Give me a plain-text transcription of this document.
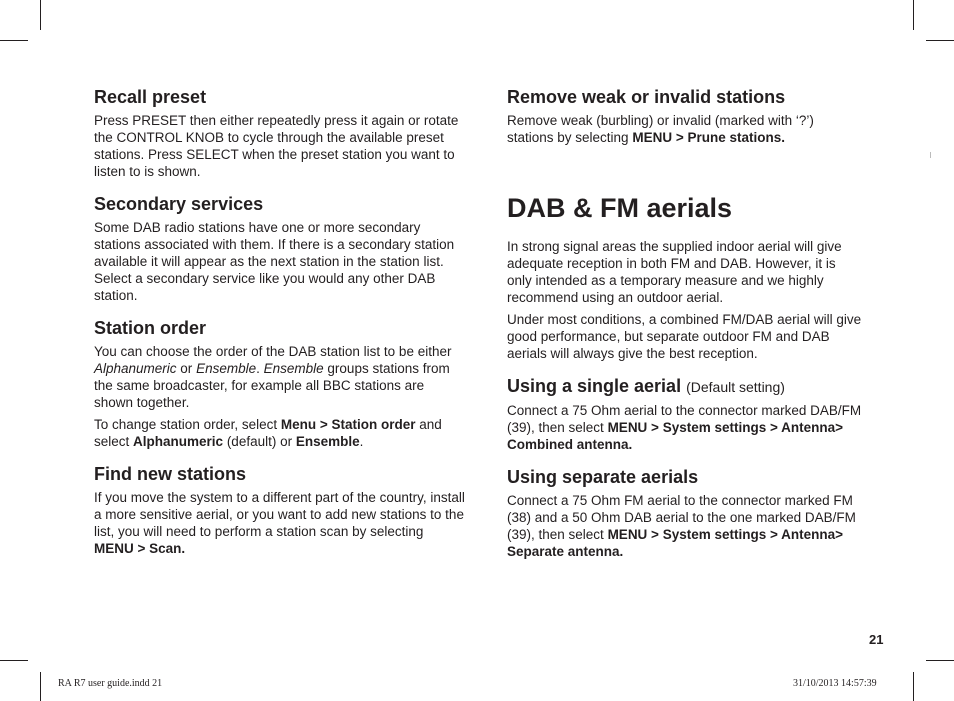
Recall preset

Press PRESET then either repeatedly press it again or rotate the CONTROL KNOB to cycle through the available preset stations. Press SELECT when the preset station you want to listen to is shown.

Secondary services

Some DAB radio stations have one or more secondary stations associated with them. If there is a secondary station available it will appear as the next station in the station list. Select a secondary service like you would any other DAB station.

Station order

You can choose the order of the DAB station list to be either Alphanumeric or Ensemble. Ensemble groups stations from the same broadcaster, for example all BBC stations are shown together.

To change station order, select Menu > Station order and select Alphanumeric (default) or Ensemble.

Find new stations

If you move the system to a different part of the country, install a more sensitive aerial, or you want to add new stations to the list, you will need to perform a station scan by selecting MENU > Scan.

Remove weak or invalid stations

Remove weak (burbling) or invalid (marked with ‘?’) stations by selecting MENU > Prune stations.

DAB & FM aerials

In strong signal areas the supplied indoor aerial will give adequate reception in both FM and DAB. However, it is only intended as a temporary measure and we highly recommend using an outdoor aerial.

Under most conditions, a combined FM/DAB aerial will give good performance, but separate outdoor FM and DAB aerials will always give the best reception.

Using a single aerial (Default setting)

Connect a 75 Ohm aerial to the connector marked DAB/FM (39), then select MENU > System settings > Antenna> Combined antenna.

Using separate aerials

Connect a 75 Ohm FM aerial to the connector marked FM (38) and a 50 Ohm DAB aerial to the one marked DAB/FM (39), then select MENU > System settings > Antenna> Separate antenna.

21
RA R7 user guide.indd 21	31/10/2013 14:57:39
